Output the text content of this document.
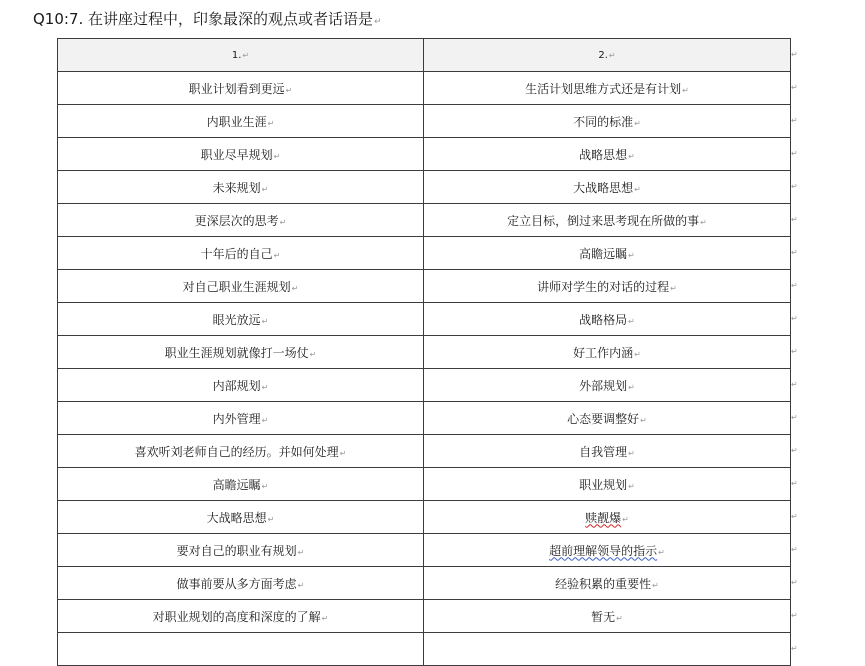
Q10:7. 在讲座过程中，印象最深的观点或者话语是↵
1.↵	2.↵
职业计划看到更远↵	生活计划思维方式还是有计划↵
内职业生涯↵	不同的标准↵
职业尽早规划↵	战略思想↵
未来规划↵	大战略思想↵
更深层次的思考↵	定立目标，倒过来思考现在所做的事↵
十年后的自己↵	高瞻远瞩↵
对自己职业生涯规划↵	讲师对学生的对话的过程↵
眼光放远↵	战略格局↵
职业生涯规划就像打一场仗↵	好工作内涵↵
内部规划↵	外部规划↵
内外管理↵	心态要调整好↵
喜欢听刘老师自己的经历。并如何处理↵	自我管理↵
高瞻远瞩↵	职业规划↵
大战略思想↵	赎靓爆↵
要对自己的职业有规划↵	超前理解领导的指示↵
做事前要从多方面考虑↵	经验积累的重要性↵
对职业规划的高度和深度的了解↵	暂无↵

↵
↵
↵
↵
↵
↵
↵
↵
↵
↵
↵
↵
↵
↵
↵
↵
↵
↵
↵
